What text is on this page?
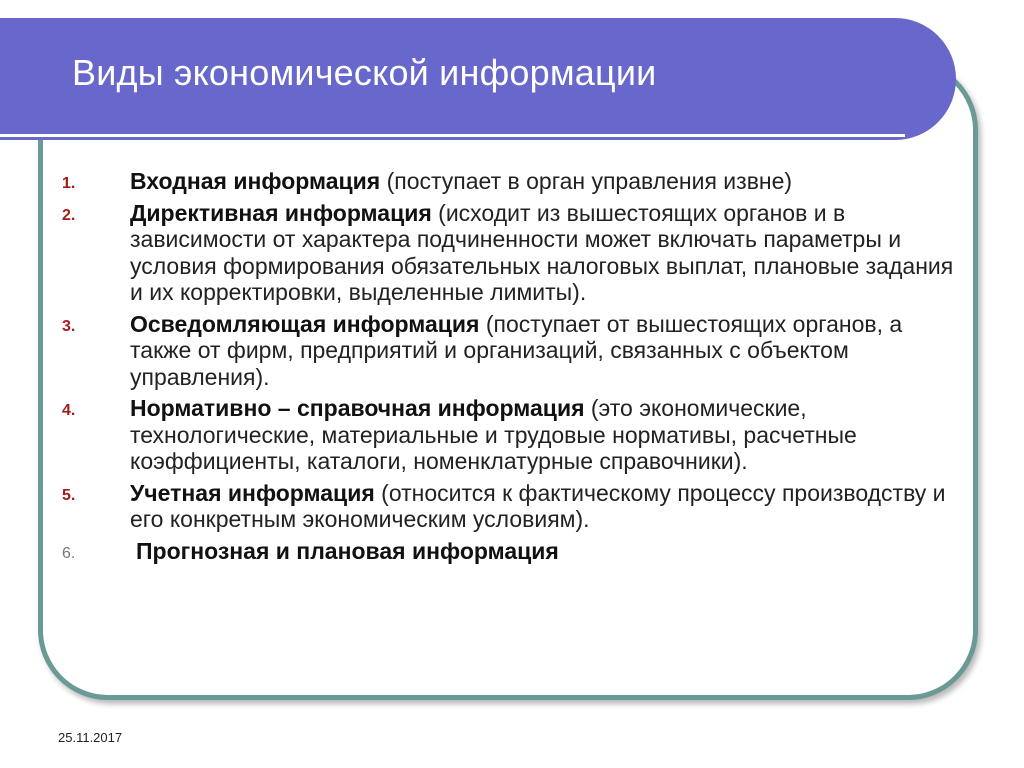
Виды экономической информации
1. Входная информация (поступает в орган управления извне)
2. Директивная информация (исходит из вышестоящих органов и в зависимости от характера подчиненности может включать параметры и условия формирования обязательных налоговых выплат, плановые задания и их корректировки, выделенные лимиты).
3. Осведомляющая информация (поступает от вышестоящих органов, а также от фирм, предприятий и организаций, связанных с объектом управления).
4. Нормативно – справочная информация (это экономические, технологические, материальные и трудовые нормативы, расчетные коэффициенты, каталоги, номенклатурные справочники).
5. Учетная информация (относится к фактическому процессу производству и его конкретным экономическим условиям).
6.	Прогнозная и плановая информация
25.11.2017
